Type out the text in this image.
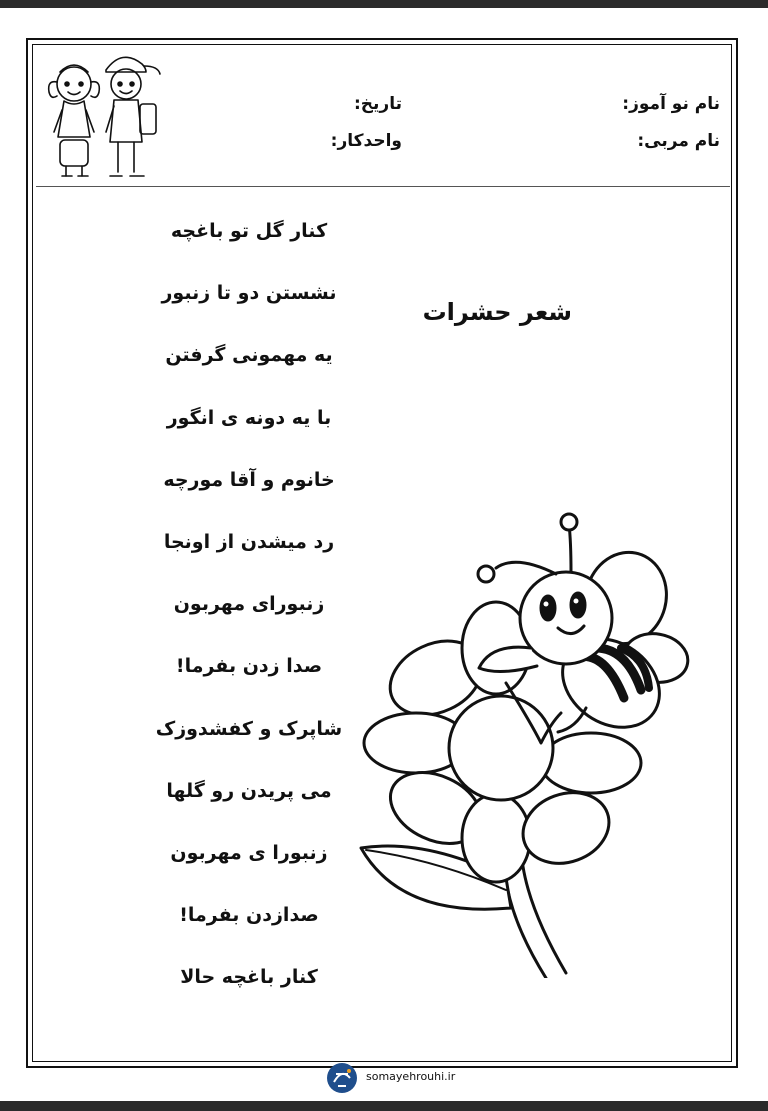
نام نو آموز:
نام مربی:
تاریخ:
واحدکار:
شعر حشرات
کنار گل تو باغچه
نشستن دو تا زنبور
یه مهمونی گرفتن
با یه دونه ی انگور
خانوم و آقا مورچه
رد میشدن از اونجا
زنبورای مهربون
صدا زدن بفرما!
شاپرک و کفشدوزک
می پریدن رو گلها
زنبورا ی مهربون
صدازدن بفرما!
کنار باغچه حالا
somayehrouhi.ir
